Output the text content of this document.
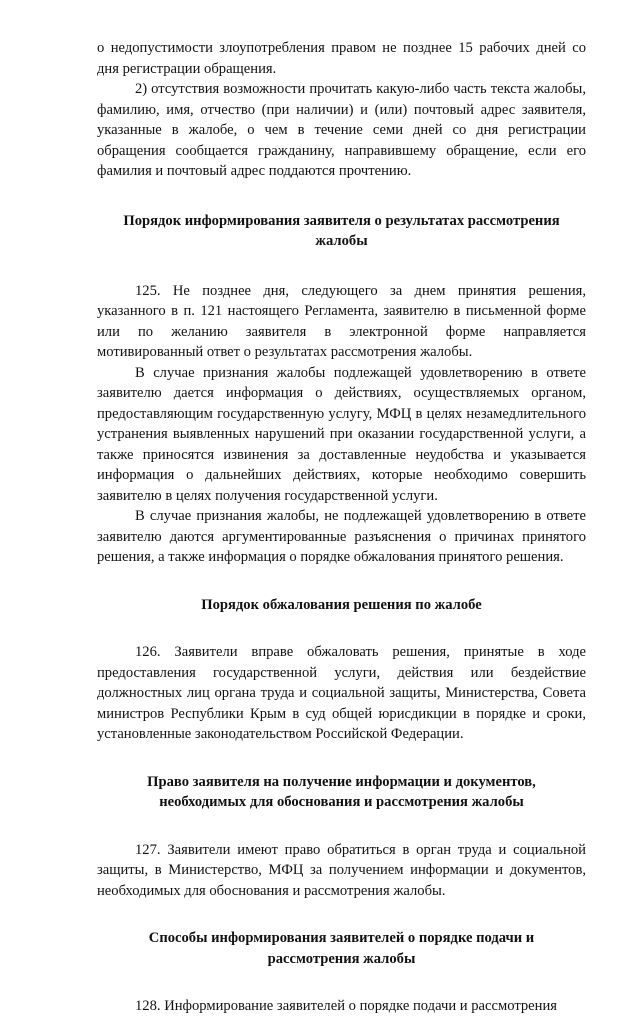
о недопустимости злоупотребления правом не позднее 15 рабочих дней со дня регистрации обращения.

2) отсутствия возможности прочитать какую-либо часть текста жалобы, фамилию, имя, отчество (при наличии) и (или) почтовый адрес заявителя, указанные в жалобе, о чем в течение семи дней со дня регистрации обращения сообщается гражданину, направившему обращение, если его фамилия и почтовый адрес поддаются прочтению.

Порядок информирования заявителя о результатах рассмотрения жалобы

125. Не позднее дня, следующего за днем принятия решения, указанного в п. 121 настоящего Регламента, заявителю в письменной форме или по желанию заявителя в электронной форме направляется мотивированный ответ о результатах рассмотрения жалобы.

В случае признания жалобы подлежащей удовлетворению в ответе заявителю дается информация о действиях, осуществляемых органом, предоставляющим государственную услугу, МФЦ в целях незамедлительного устранения выявленных нарушений при оказании государственной услуги, а также приносятся извинения за доставленные неудобства и указывается информация о дальнейших действиях, которые необходимо совершить заявителю в целях получения государственной услуги.

В случае признания жалобы, не подлежащей удовлетворению в ответе заявителю даются аргументированные разъяснения о причинах принятого решения, а также информация о порядке обжалования принятого решения.

Порядок обжалования решения по жалобе

126. Заявители вправе обжаловать решения, принятые в ходе предоставления государственной услуги, действия или бездействие должностных лиц органа труда и социальной защиты, Министерства, Совета министров Республики Крым в суд общей юрисдикции в порядке и сроки, установленные законодательством Российской Федерации.

Право заявителя на получение информации и документов, необходимых для обоснования и рассмотрения жалобы

127. Заявители имеют право обратиться в орган труда и социальной защиты, в Министерство, МФЦ за получением информации и документов, необходимых для обоснования и рассмотрения жалобы.

Способы информирования заявителей о порядке подачи и рассмотрения жалобы

128. Информирование заявителей о порядке подачи и рассмотрения
